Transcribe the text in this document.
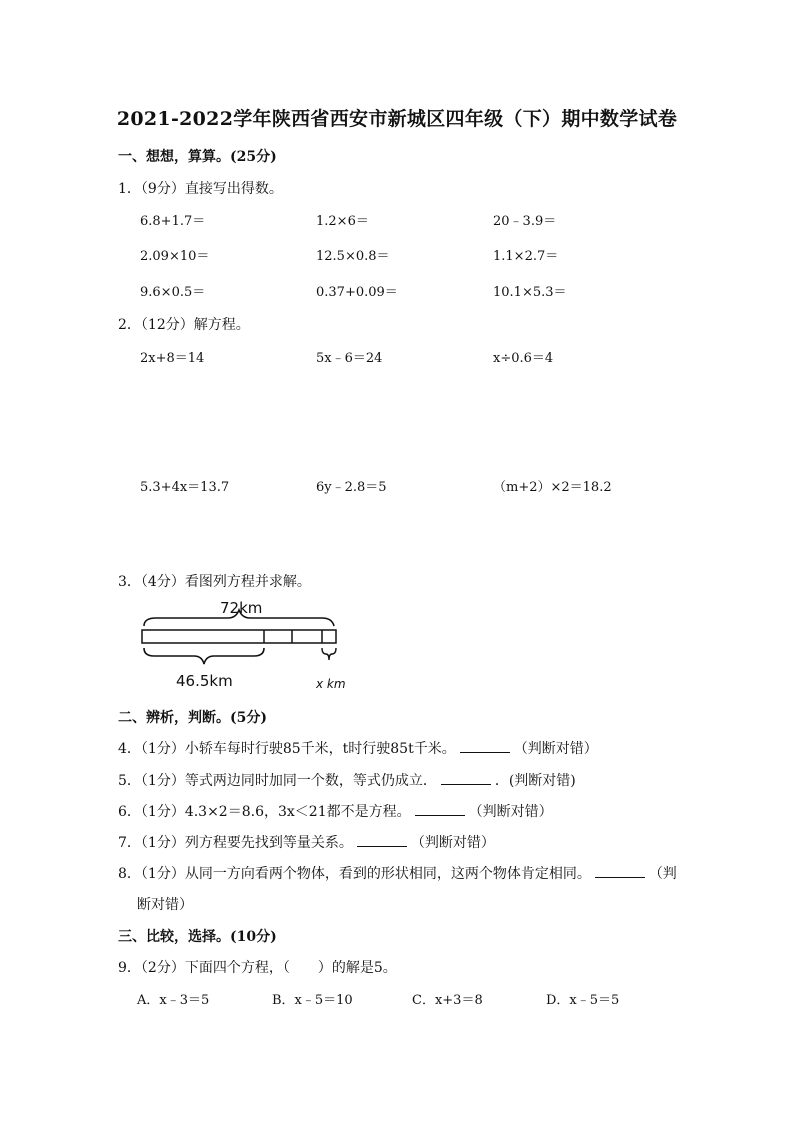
2021-2022学年陕西省西安市新城区四年级（下）期中数学试卷
一、想想，算算。(25分)
1．（9分）直接写出得数。
6.8+1.7＝	1.2×6＝	20﹣3.9＝
2.09×10＝	12.5×0.8＝	1.1×2.7＝
9.6×0.5＝	0.37+0.09＝	10.1×5.3＝
2．（12分）解方程。
2x+8＝14	5x﹣6＝24	x÷0.6＝4
5.3+4x＝13.7	6y﹣2.8＝5	（m+2）×2＝18.2
3．（4分）看图列方程并求解。
72km
46.5km	x km
二、辨析，判断。(5分)
4．（1分）小轿车每时行驶85千米，t时行驶85t千米。	（判断对错）
5．（1分）等式两边同时加同一个数，等式仍成立．	．(判断对错)
6．（1分）4.3×2＝8.6，3x＜21都不是方程。	（判断对错）
7．（1分）列方程要先找到等量关系。	（判断对错）
8．（1分）从同一方向看两个物体，看到的形状相同，这两个物体肯定相同。	（判
断对错）
三、比较，选择。(10分)
9．（2分）下面四个方程，（　　）的解是5。
A．x﹣3＝5	B．x﹣5＝10	C．x+3＝8	D．x﹣5＝5
